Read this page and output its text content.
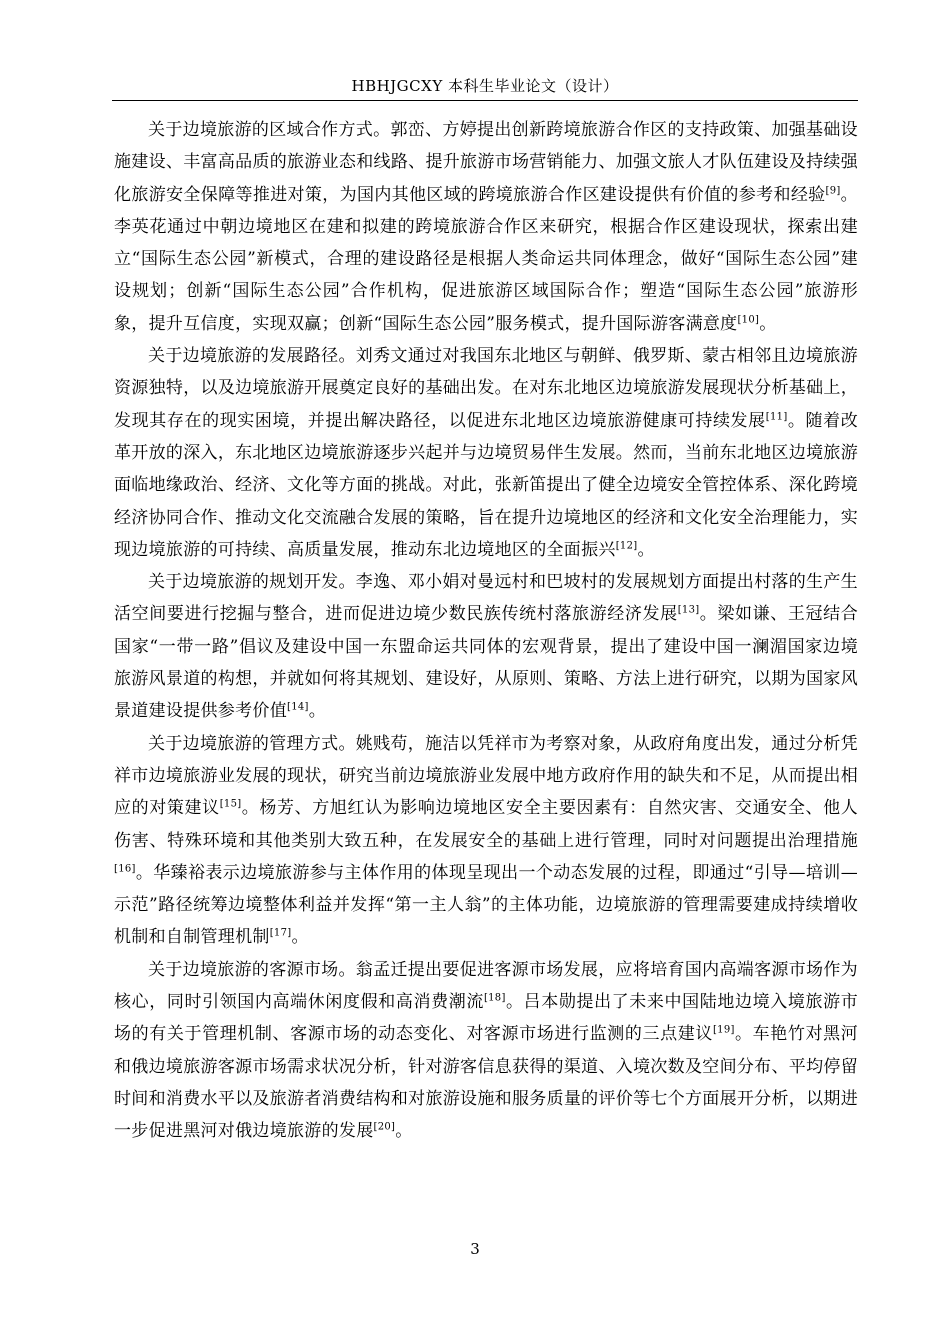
HBHJGCXY 本科生毕业论文（设计）

关于边境旅游的区域合作方式。郭峦、方婷提出创新跨境旅游合作区的支持政策、加强基础设施建设、丰富高品质的旅游业态和线路、提升旅游市场营销能力、加强文旅人才队伍建设及持续强化旅游安全保障等推进对策，为国内其他区域的跨境旅游合作区建设提供有价值的参考和经验[9]。李英花通过中朝边境地区在建和拟建的跨境旅游合作区来研究，根据合作区建设现状，探索出建立“国际生态公园”新模式，合理的建设路径是根据人类命运共同体理念，做好“国际生态公园”建设规划；创新“国际生态公园”合作机构，促进旅游区域国际合作；塑造“国际生态公园”旅游形象，提升互信度，实现双赢；创新“国际生态公园”服务模式，提升国际游客满意度[10]。

关于边境旅游的发展路径。刘秀文通过对我国东北地区与朝鲜、俄罗斯、蒙古相邻且边境旅游资源独特，以及边境旅游开展奠定良好的基础出发。在对东北地区边境旅游发展现状分析基础上，发现其存在的现实困境，并提出解决路径，以促进东北地区边境旅游健康可持续发展[11]。随着改革开放的深入，东北地区边境旅游逐步兴起并与边境贸易伴生发展。然而，当前东北地区边境旅游面临地缘政治、经济、文化等方面的挑战。对此，张新笛提出了健全边境安全管控体系、深化跨境经济协同合作、推动文化交流融合发展的策略，旨在提升边境地区的经济和文化安全治理能力，实现边境旅游的可持续、高质量发展，推动东北边境地区的全面振兴[12]。

关于边境旅游的规划开发。李逸、邓小娟对曼远村和巴坡村的发展规划方面提出村落的生产生活空间要进行挖掘与整合，进而促进边境少数民族传统村落旅游经济发展[13]。梁如谦、王冠结合国家“一带一路”倡议及建设中国一东盟命运共同体的宏观背景，提出了建设中国一澜湄国家边境旅游风景道的构想，并就如何将其规划、建设好，从原则、策略、方法上进行研究，以期为国家风景道建设提供参考价值[14]。

关于边境旅游的管理方式。姚贱苟，施洁以凭祥市为考察对象，从政府角度出发，通过分析凭祥市边境旅游业发展的现状，研究当前边境旅游业发展中地方政府作用的缺失和不足，从而提出相应的对策建议[15]。杨芳、方旭红认为影响边境地区安全主要因素有：自然灾害、交通安全、他人伤害、特殊环境和其他类别大致五种，在发展安全的基础上进行管理，同时对问题提出治理措施[16]。华臻裕表示边境旅游参与主体作用的体现呈现出一个动态发展的过程，即通过“引导—培训—示范”路径统筹边境整体利益并发挥“第一主人翁”的主体功能，边境旅游的管理需要建成持续增收机制和自制管理机制[17]。

关于边境旅游的客源市场。翁孟迁提出要促进客源市场发展，应将培育国内高端客源市场作为核心，同时引领国内高端休闲度假和高消费潮流[18]。吕本勋提出了未来中国陆地边境入境旅游市场的有关于管理机制、客源市场的动态变化、对客源市场进行监测的三点建议[19]。车艳竹对黑河和俄边境旅游客源市场需求状况分析，针对游客信息获得的渠道、入境次数及空间分布、平均停留时间和消费水平以及旅游者消费结构和对旅游设施和服务质量的评价等七个方面展开分析，以期进一步促进黑河对俄边境旅游的发展[20]。

3
